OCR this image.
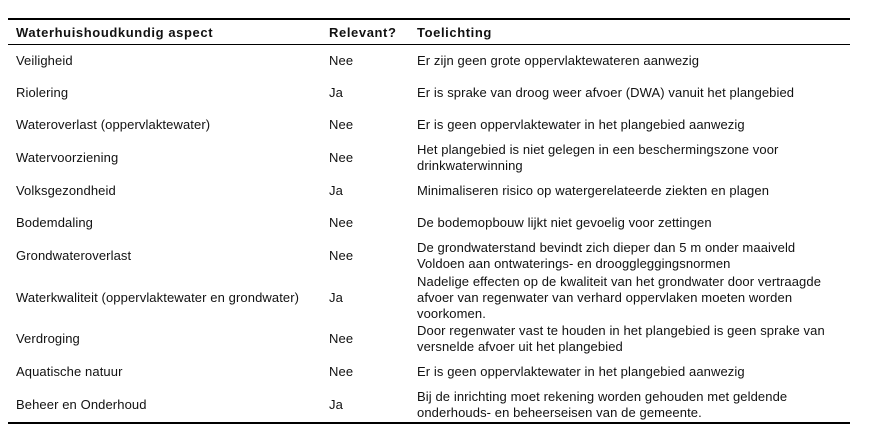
Waterhuishoudkundig aspect	Relevant?	Toelichting
Veiligheid	Nee	Er zijn geen grote oppervlaktewateren aanwezig

Riolering	Ja	Er is sprake van droog weer afvoer (DWA) vanuit het plangebied

Wateroverlast (oppervlaktewater)	Nee	Er is geen oppervlaktewater in het plangebied aanwezig

Watervoorziening	Nee	Het plangebied is niet gelegen in een beschermingszone voor
drinkwaterwinning

Volksgezondheid	Ja	Minimaliseren risico op watergerelateerde ziekten en plagen

Bodemdaling	Nee	De bodemopbouw lijkt niet gevoelig voor zettingen

Grondwateroverlast	Nee	De grondwaterstand bevindt zich dieper dan 5 m onder maaiveld
Voldoen aan ontwaterings- en drooggleggingsnormen

Waterkwaliteit (oppervlaktewater en grondwater)	Ja	Nadelige effecten op de kwaliteit van het grondwater door vertraagde
afvoer van regenwater van verhard oppervlaken moeten worden
voorkomen.

Verdroging	Nee	Door regenwater vast te houden in het plangebied is geen sprake van
versnelde afvoer uit het plangebied

Aquatische natuur	Nee	Er is geen oppervlaktewater in het plangebied aanwezig

Beheer en Onderhoud	Ja	Bij de inrichting moet rekening worden gehouden met geldende
onderhouds- en beheerseisen van de gemeente.
